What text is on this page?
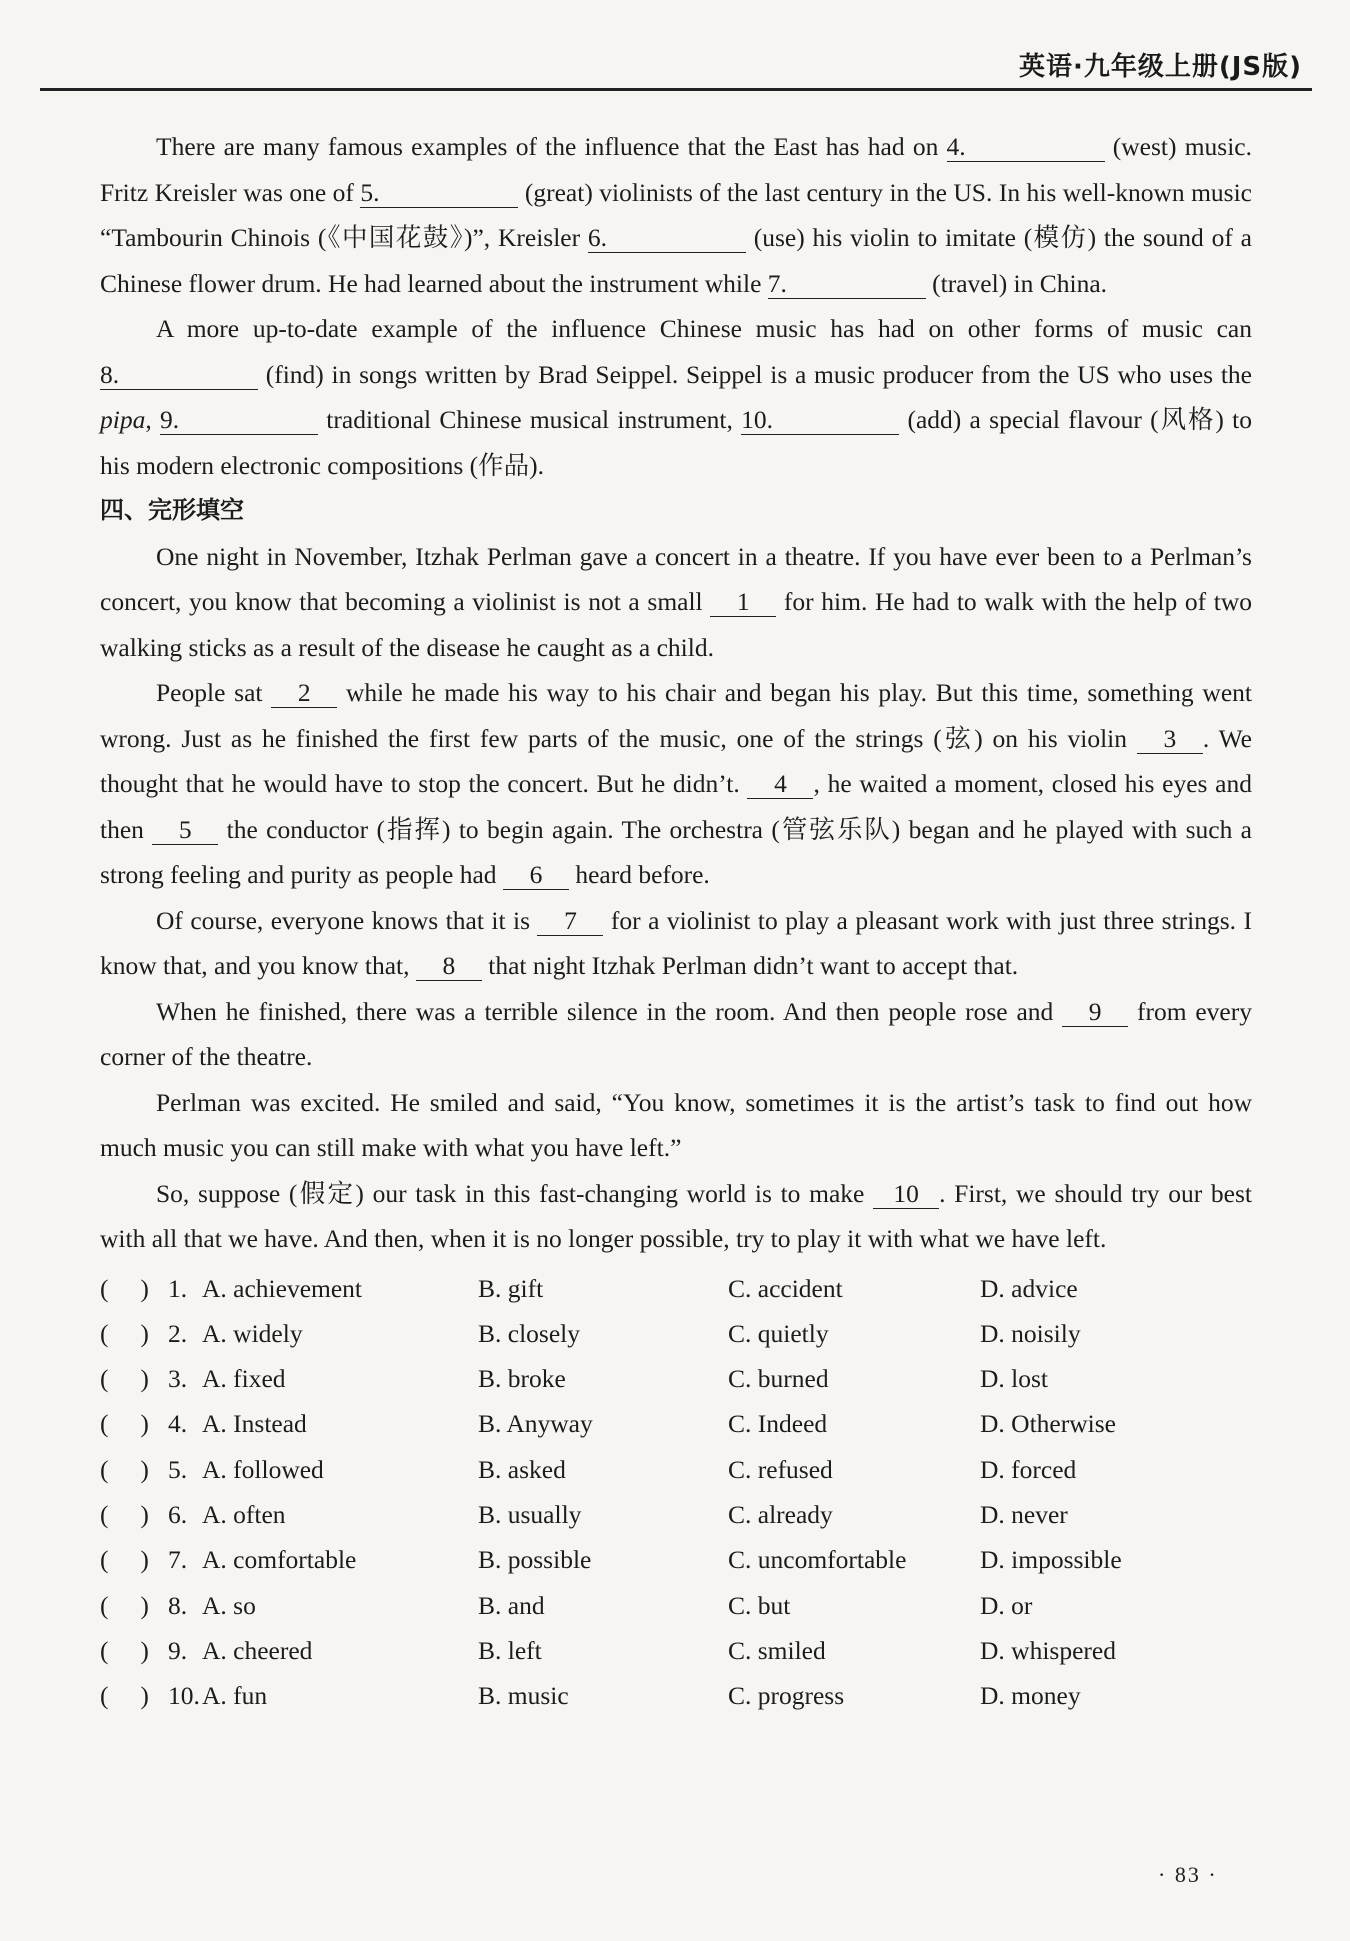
英语·九年级上册(JS版)

There are many famous examples of the influence that the East has had on 4.	(west) music. Fritz Kreisler was one of 5.	(great) violinists of the last century in the US. In his well-known music “Tambourin Chinois (《中国花鼓》)”, Kreisler 6.	(use) his violin to imitate (模仿) the sound of a Chinese flower drum. He had learned about the instrument while 7.	(travel) in China.

A more up-to-date example of the influence Chinese music has had on other forms of music can 8.	(find) in songs written by Brad Seippel. Seippel is a music producer from the US who uses the pipa, 9.	traditional Chinese musical instrument, 10.	(add) a special flavour (风格) to his modern electronic compositions (作品).

四、完形填空

One night in November, Itzhak Perlman gave a concert in a theatre. If you have ever been to a Perlman’s concert, you know that becoming a violinist is not a small 1 for him. He had to walk with the help of two walking sticks as a result of the disease he caught as a child.

People sat 2 while he made his way to his chair and began his play. But this time, something went wrong. Just as he finished the first few parts of the music, one of the strings (弦) on his violin 3 . We thought that he would have to stop the concert. But he didn’t. 4 , he waited a moment, closed his eyes and then 5 the conductor (指挥) to begin again. The orchestra (管弦乐队) began and he played with such a strong feeling and purity as people had 6 heard before.

Of course, everyone knows that it is 7 for a violinist to play a pleasant work with just three strings. I know that, and you know that, 8 that night Itzhak Perlman didn’t want to accept that.

When he finished, there was a terrible silence in the room. And then people rose and 9 from every corner of the theatre.

Perlman was excited. He smiled and said, “You know, sometimes it is the artist’s task to find out how much music you can still make with what you have left.”

So, suppose (假定) our task in this fast-changing world is to make 10 . First, we should try our best with all that we have. And then, when it is no longer possible, try to play it with what we have left.

(     ) 1. A. achievement	B. gift	C. accident	D. advice
(     ) 2. A. widely	B. closely	C. quietly	D. noisily
(     ) 3. A. fixed	B. broke	C. burned	D. lost
(     ) 4. A. Instead	B. Anyway	C. Indeed	D. Otherwise
(     ) 5. A. followed	B. asked	C. refused	D. forced
(     ) 6. A. often	B. usually	C. already	D. never
(     ) 7. A. comfortable	B. possible	C. uncomfortable	D. impossible
(     ) 8. A. so	B. and	C. but	D. or
(     ) 9. A. cheered	B. left	C. smiled	D. whispered
(     ) 10.A. fun	B. music	C. progress	D. money
· 83 ·
